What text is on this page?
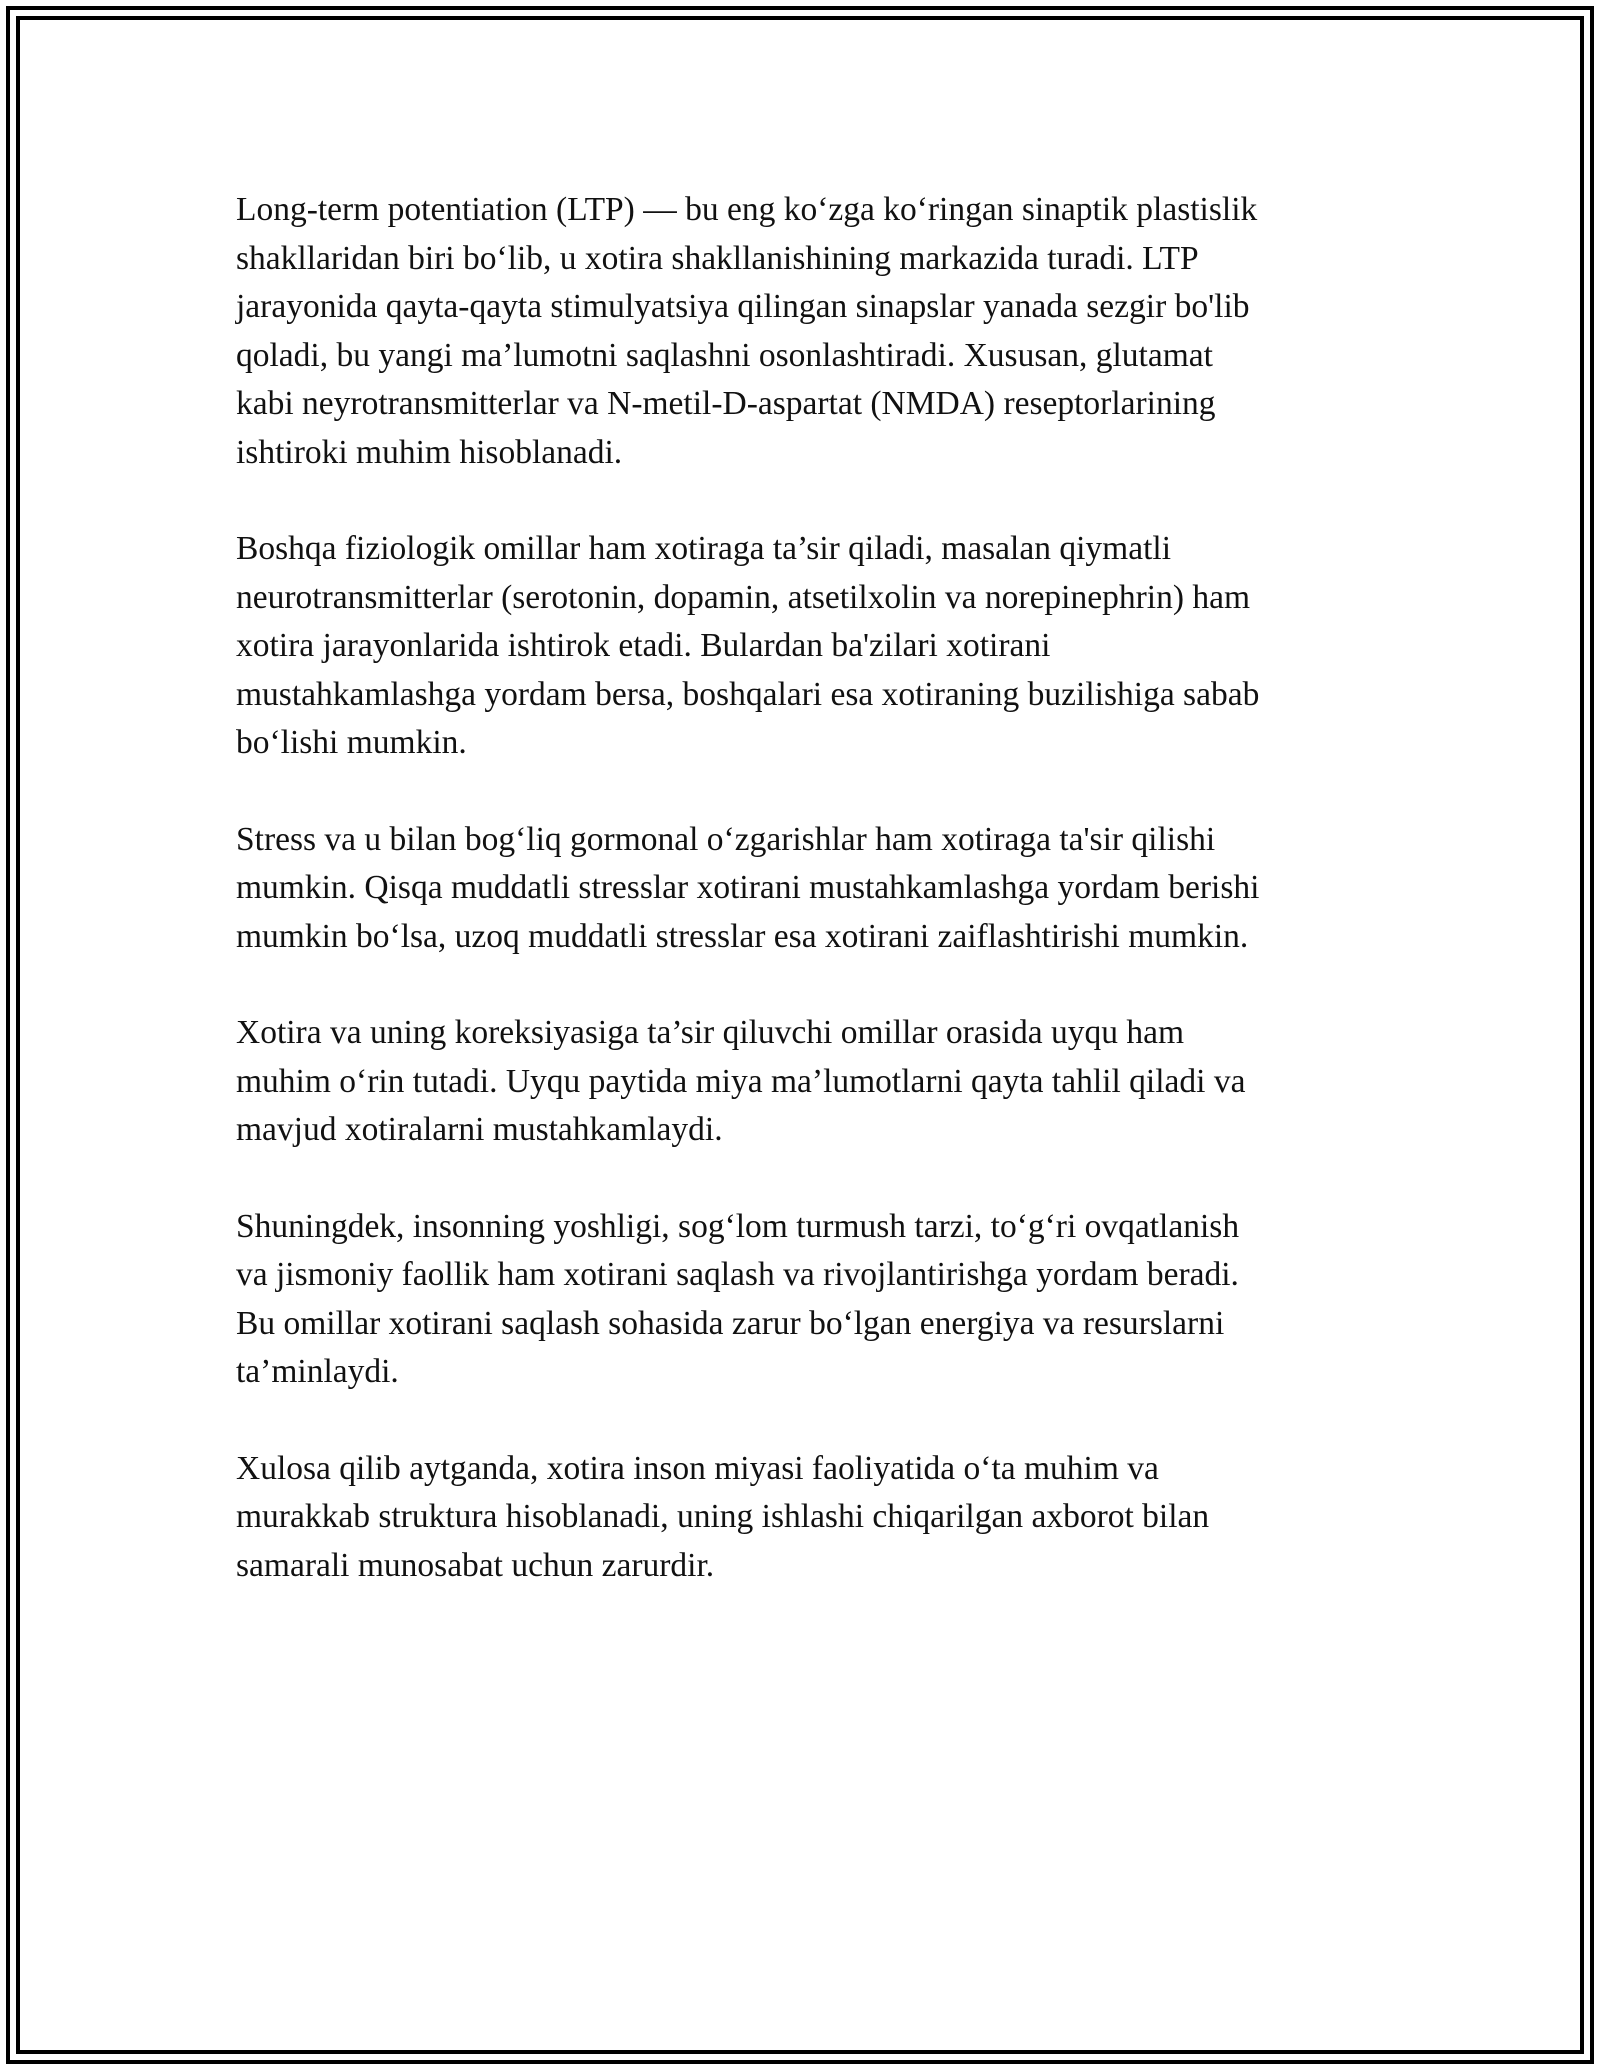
Long-term potentiation (LTP) — bu eng ko‘zga ko‘ringan sinaptik plastislik
shakllaridan biri bo‘lib, u xotira shakllanishining markazida turadi. LTP
jarayonida qayta-qayta stimulyatsiya qilingan sinapslar yanada sezgir bo'lib
qoladi, bu yangi ma’lumotni saqlashni osonlashtiradi. Xususan, glutamat
kabi neyrotransmitterlar va N-metil-D-aspartat (NMDA) reseptorlarining
ishtiroki muhim hisoblanadi.

Boshqa fiziologik omillar ham xotiraga ta’sir qiladi, masalan qiymatli
neurotransmitterlar (serotonin, dopamin, atsetilxolin va norepinephrin) ham
xotira jarayonlarida ishtirok etadi. Bulardan ba'zilari xotirani
mustahkamlashga yordam bersa, boshqalari esa xotiraning buzilishiga sabab
bo‘lishi mumkin.

Stress va u bilan bog‘liq gormonal o‘zgarishlar ham xotiraga ta'sir qilishi
mumkin. Qisqa muddatli stresslar xotirani mustahkamlashga yordam berishi
mumkin bo‘lsa, uzoq muddatli stresslar esa xotirani zaiflashtirishi mumkin.

Xotira va uning koreksiyasiga ta’sir qiluvchi omillar orasida uyqu ham
muhim o‘rin tutadi. Uyqu paytida miya ma’lumotlarni qayta tahlil qiladi va
mavjud xotiralarni mustahkamlaydi.

Shuningdek, insonning yoshligi, sog‘lom turmush tarzi, to‘g‘ri ovqatlanish
va jismoniy faollik ham xotirani saqlash va rivojlantirishga yordam beradi.
Bu omillar xotirani saqlash sohasida zarur bo‘lgan energiya va resurslarni
ta’minlaydi.

Xulosa qilib aytganda, xotira inson miyasi faoliyatida o‘ta muhim va
murakkab struktura hisoblanadi, uning ishlashi chiqarilgan axborot bilan
samarali munosabat uchun zarurdir.
